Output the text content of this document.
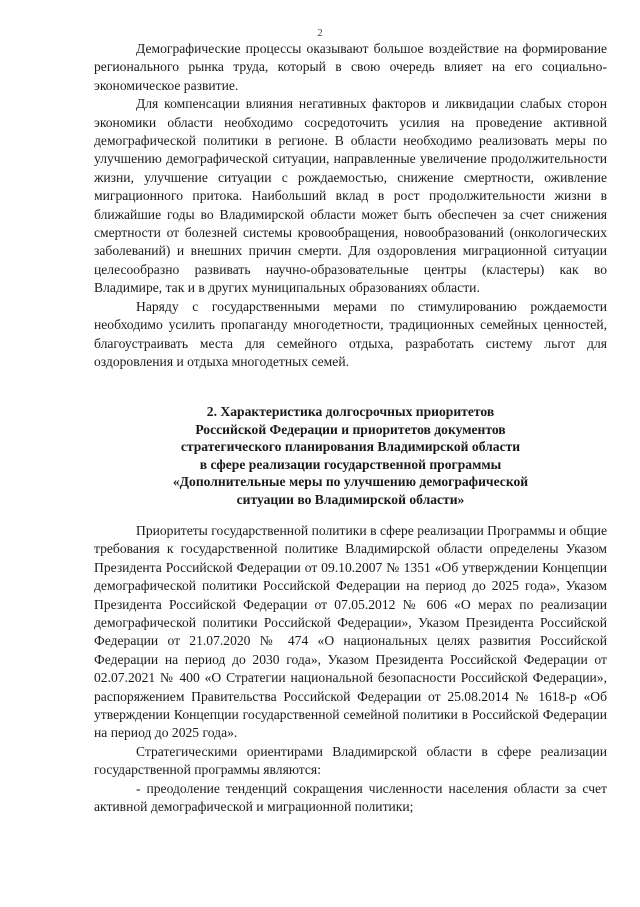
2

Демографические процессы оказывают большое воздействие на формирование регионального рынка труда, который в свою очередь влияет на его социально-экономическое развитие.

Для компенсации влияния негативных факторов и ликвидации слабых сторон экономики области необходимо сосредоточить усилия на проведение активной демографической политики в регионе. В области необходимо реализовать меры по улучшению демографической ситуации, направленные увеличение продолжительности жизни, улучшение ситуации с рождаемостью, снижение смертности, оживление миграционного притока. Наибольший вклад в рост продолжительности жизни в ближайшие годы во Владимирской области может быть обеспечен за счет снижения смертности от болезней системы кровообращения, новообразований (онкологических заболеваний) и внешних причин смерти. Для оздоровления миграционной ситуации целесообразно развивать научно-образовательные центры (кластеры) как во Владимире, так и в других муниципальных образованиях области.

Наряду с государственными мерами по стимулированию рождаемости необходимо усилить пропаганду многодетности, традиционных семейных ценностей, благоустраивать места для семейного отдыха, разработать систему льгот для оздоровления и отдыха многодетных семей.

2. Характеристика долгосрочных приоритетов
Российской Федерации и приоритетов документов
стратегического планирования Владимирской области
в сфере реализации государственной программы
«Дополнительные меры по улучшению демографической
ситуации во Владимирской области»

Приоритеты государственной политики в сфере реализации Программы и общие требования к государственной политике Владимирской области определены Указом Президента Российской Федерации от 09.10.2007 № 1351 «Об утверждении Концепции демографической политики Российской Федерации на период до 2025 года», Указом Президента Российской Федерации от 07.05.2012 № 606 «О мерах по реализации демографической политики Российской Федерации», Указом Президента Российской Федерации от 21.07.2020 № 474 «О национальных целях развития Российской Федерации на период до 2030 года», Указом Президента Российской Федерации от 02.07.2021 № 400 «О Стратегии национальной безопасности Российской Федерации», распоряжением Правительства Российской Федерации от 25.08.2014 № 1618-р «Об утверждении Концепции государственной семейной политики в Российской Федерации на период до 2025 года».

Стратегическими ориентирами Владимирской области в сфере реализации государственной программы являются:

- преодоление тенденций сокращения численности населения области за счет активной демографической и миграционной политики;
